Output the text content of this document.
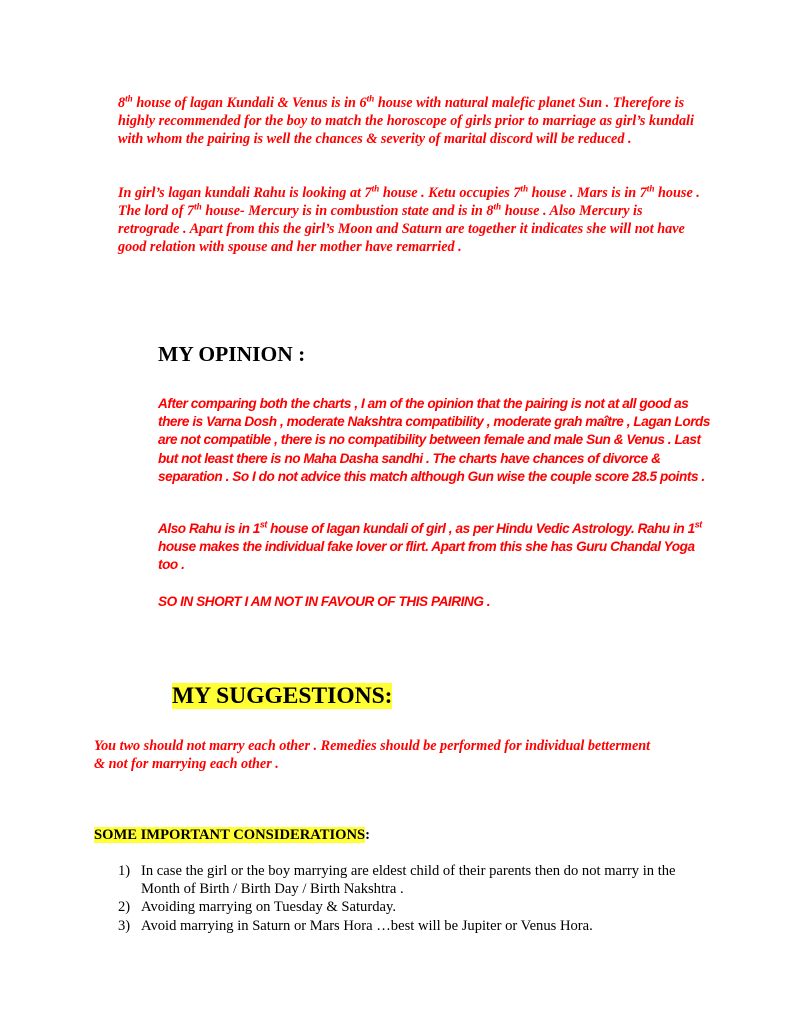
8th house of lagan Kundali & Venus is in 6th house with natural malefic planet Sun . Therefore is highly recommended for the boy to match the horoscope of girls prior to marriage as girl’s kundali with whom the pairing is well the chances & severity of marital discord will be reduced .

In girl’s lagan kundali Rahu is looking at 7th house . Ketu occupies 7th house . Mars is in 7th house . The lord of 7th house- Mercury is in combustion state and is in 8th house . Also Mercury is retrograde . Apart from this the girl’s Moon and Saturn are together it indicates she will not have good relation with spouse and her mother have remarried .

MY OPINION :

After comparing both the charts , I am of the opinion that the pairing is not at all good as there is Varna Dosh , moderate Nakshtra compatibility , moderate grah maître , Lagan Lords are not compatible , there is no compatibility between female and male Sun & Venus . Last but not least there is no Maha Dasha sandhi . The charts have chances of divorce & separation . So I do not advice this match although Gun wise the couple score 28.5 points .

Also Rahu is in 1st house of lagan kundali of girl , as per Hindu Vedic Astrology. Rahu in 1st house makes the individual fake lover or flirt. Apart from this she has Guru Chandal Yoga too .

SO IN SHORT I AM NOT IN FAVOUR OF THIS PAIRING .

MY SUGGESTIONS:

You two should not marry each other . Remedies should be performed for individual betterment & not for marrying each other .

SOME IMPORTANT CONSIDERATIONS:

1) In case the girl or the boy marrying are eldest child of their parents then do not marry in the Month of Birth / Birth Day / Birth Nakshtra .
2) Avoiding marrying on Tuesday & Saturday.
3) Avoid marrying in Saturn or Mars Hora …best will be Jupiter or Venus Hora.
